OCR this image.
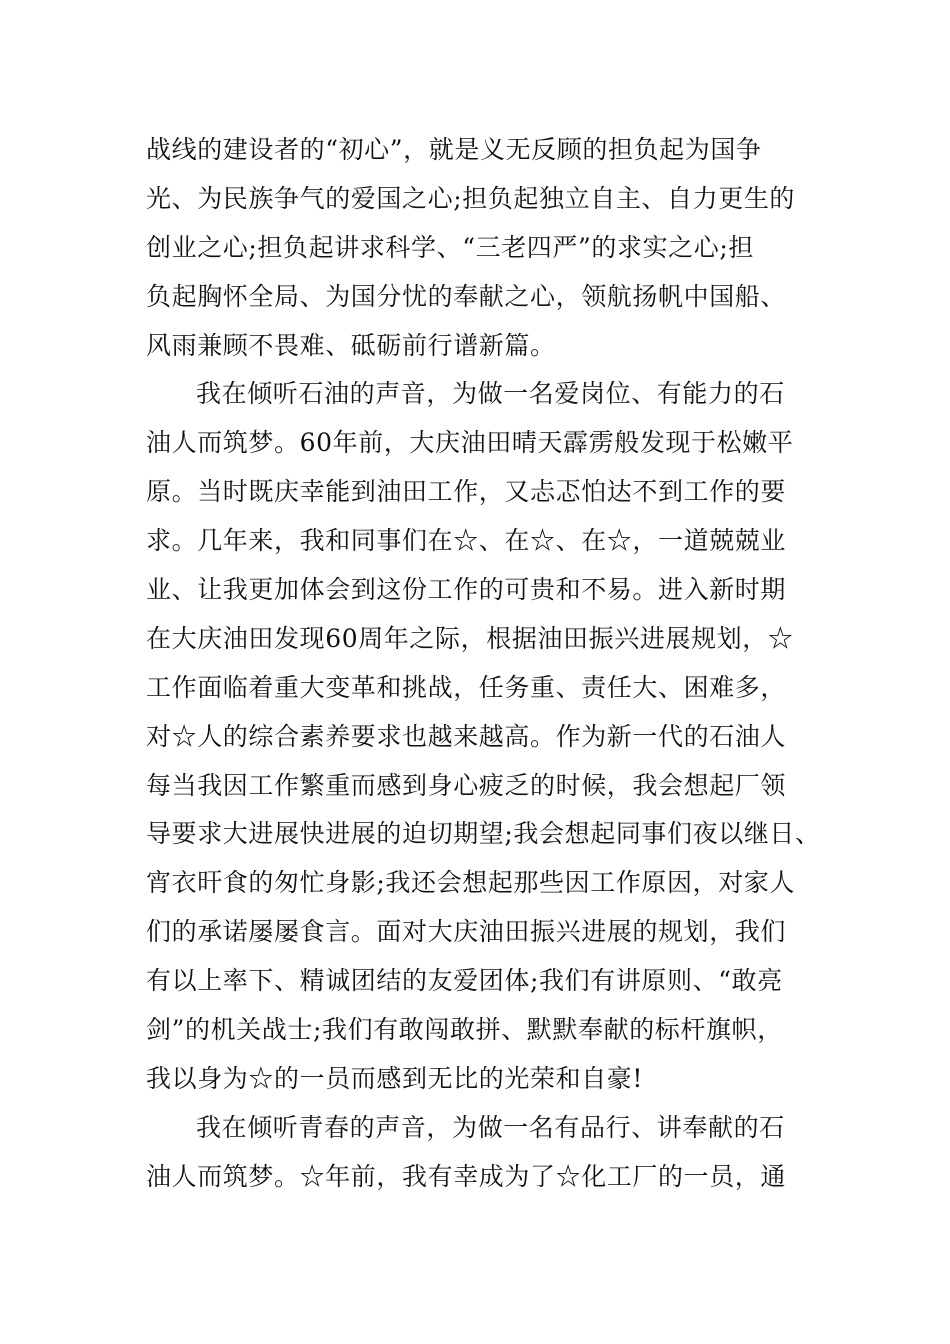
战线的建设者的“初心”，就是义无反顾的担负起为国争
光、为民族争气的爱国之心;担负起独立自主、自力更生的
创业之心;担负起讲求科学、“三老四严”的求实之心;担
负起胸怀全局、为国分忧的奉献之心，领航扬帆中国船、
风雨兼顾不畏难、砥砺前行谱新篇。
我在倾听石油的声音，为做一名爱岗位、有能力的石
油人而筑梦。60年前，大庆油田晴天霹雳般发现于松嫩平
原。当时既庆幸能到油田工作，又忐忑怕达不到工作的要
求。几年来，我和同事们在☆、在☆、在☆，一道兢兢业
业、让我更加体会到这份工作的可贵和不易。进入新时期
在大庆油田发现60周年之际，根据油田振兴进展规划，☆
工作面临着重大变革和挑战，任务重、责任大、困难多，
对☆人的综合素养要求也越来越高。作为新一代的石油人
每当我因工作繁重而感到身心疲乏的时候，我会想起厂领
导要求大进展快进展的迫切期望;我会想起同事们夜以继日、
宵衣旰食的匆忙身影;我还会想起那些因工作原因，对家人
们的承诺屡屡食言。面对大庆油田振兴进展的规划，我们
有以上率下、精诚团结的友爱团体;我们有讲原则、“敢亮
剑”的机关战士;我们有敢闯敢拼、默默奉献的标杆旗帜，
我以身为☆的一员而感到无比的光荣和自豪!
我在倾听青春的声音，为做一名有品行、讲奉献的石
油人而筑梦。☆年前，我有幸成为了☆化工厂的一员，通
